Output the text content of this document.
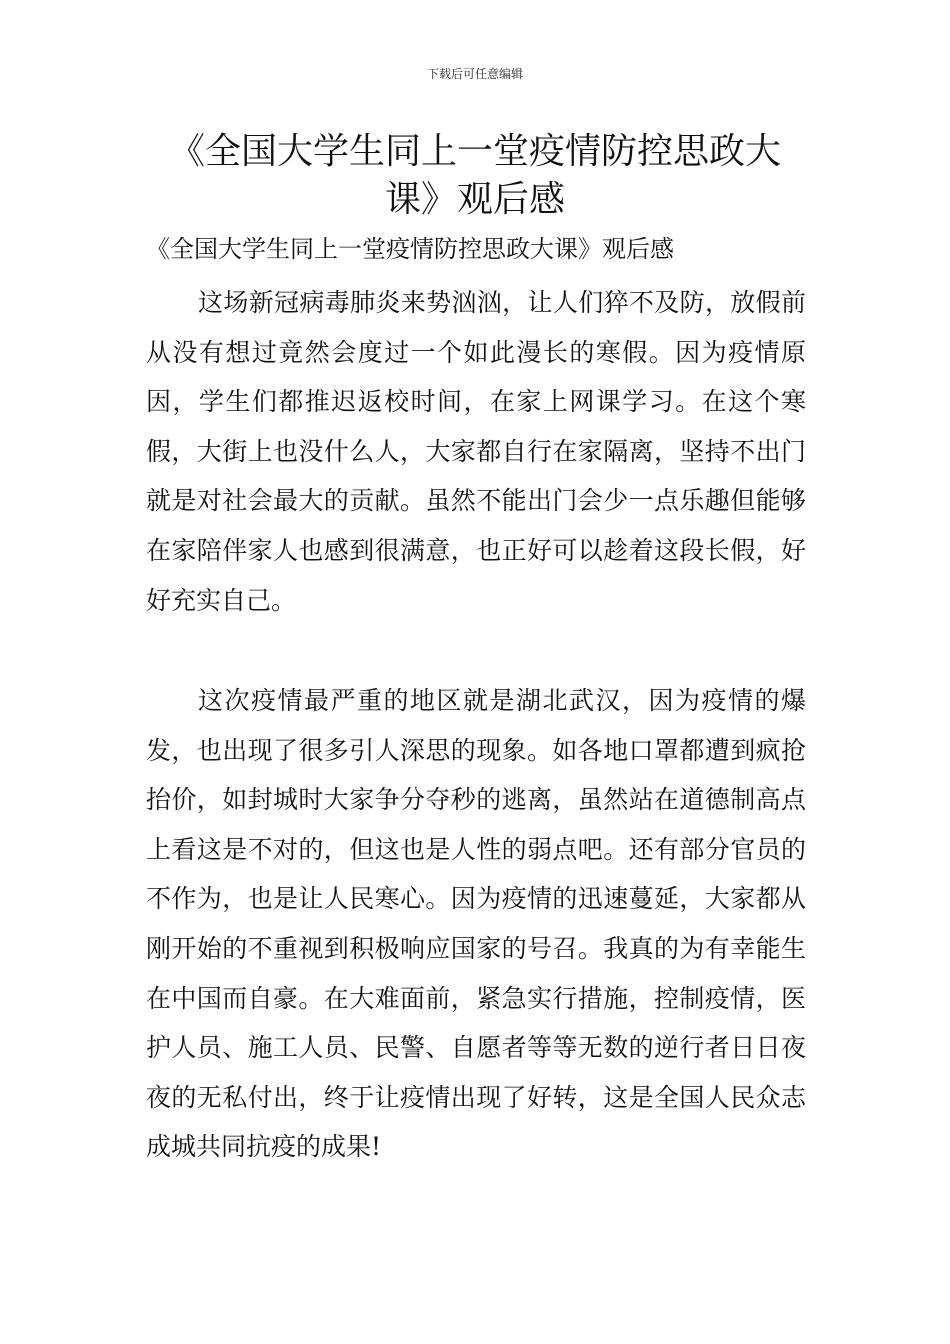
下载后可任意编辑
《全国大学生同上一堂疫情防控思政大课》观后感

《全国大学生同上一堂疫情防控思政大课》观后感

这场新冠病毒肺炎来势汹汹，让人们猝不及防，放假前从没有想过竟然会度过一个如此漫长的寒假。因为疫情原因，学生们都推迟返校时间，在家上网课学习。在这个寒假，大街上也没什么人，大家都自行在家隔离，坚持不出门就是对社会最大的贡献。虽然不能出门会少一点乐趣但能够在家陪伴家人也感到很满意，也正好可以趁着这段长假，好好充实自己。

这次疫情最严重的地区就是湖北武汉，因为疫情的爆发，也出现了很多引人深思的现象。如各地口罩都遭到疯抢抬价，如封城时大家争分夺秒的逃离，虽然站在道德制高点上看这是不对的，但这也是人性的弱点吧。还有部分官员的不作为，也是让人民寒心。因为疫情的迅速蔓延，大家都从刚开始的不重视到积极响应国家的号召。我真的为有幸能生在中国而自豪。在大难面前，紧急实行措施，控制疫情，医护人员、施工人员、民警、自愿者等等无数的逆行者日日夜夜的无私付出，终于让疫情出现了好转，这是全国人民众志成城共同抗疫的成果!
